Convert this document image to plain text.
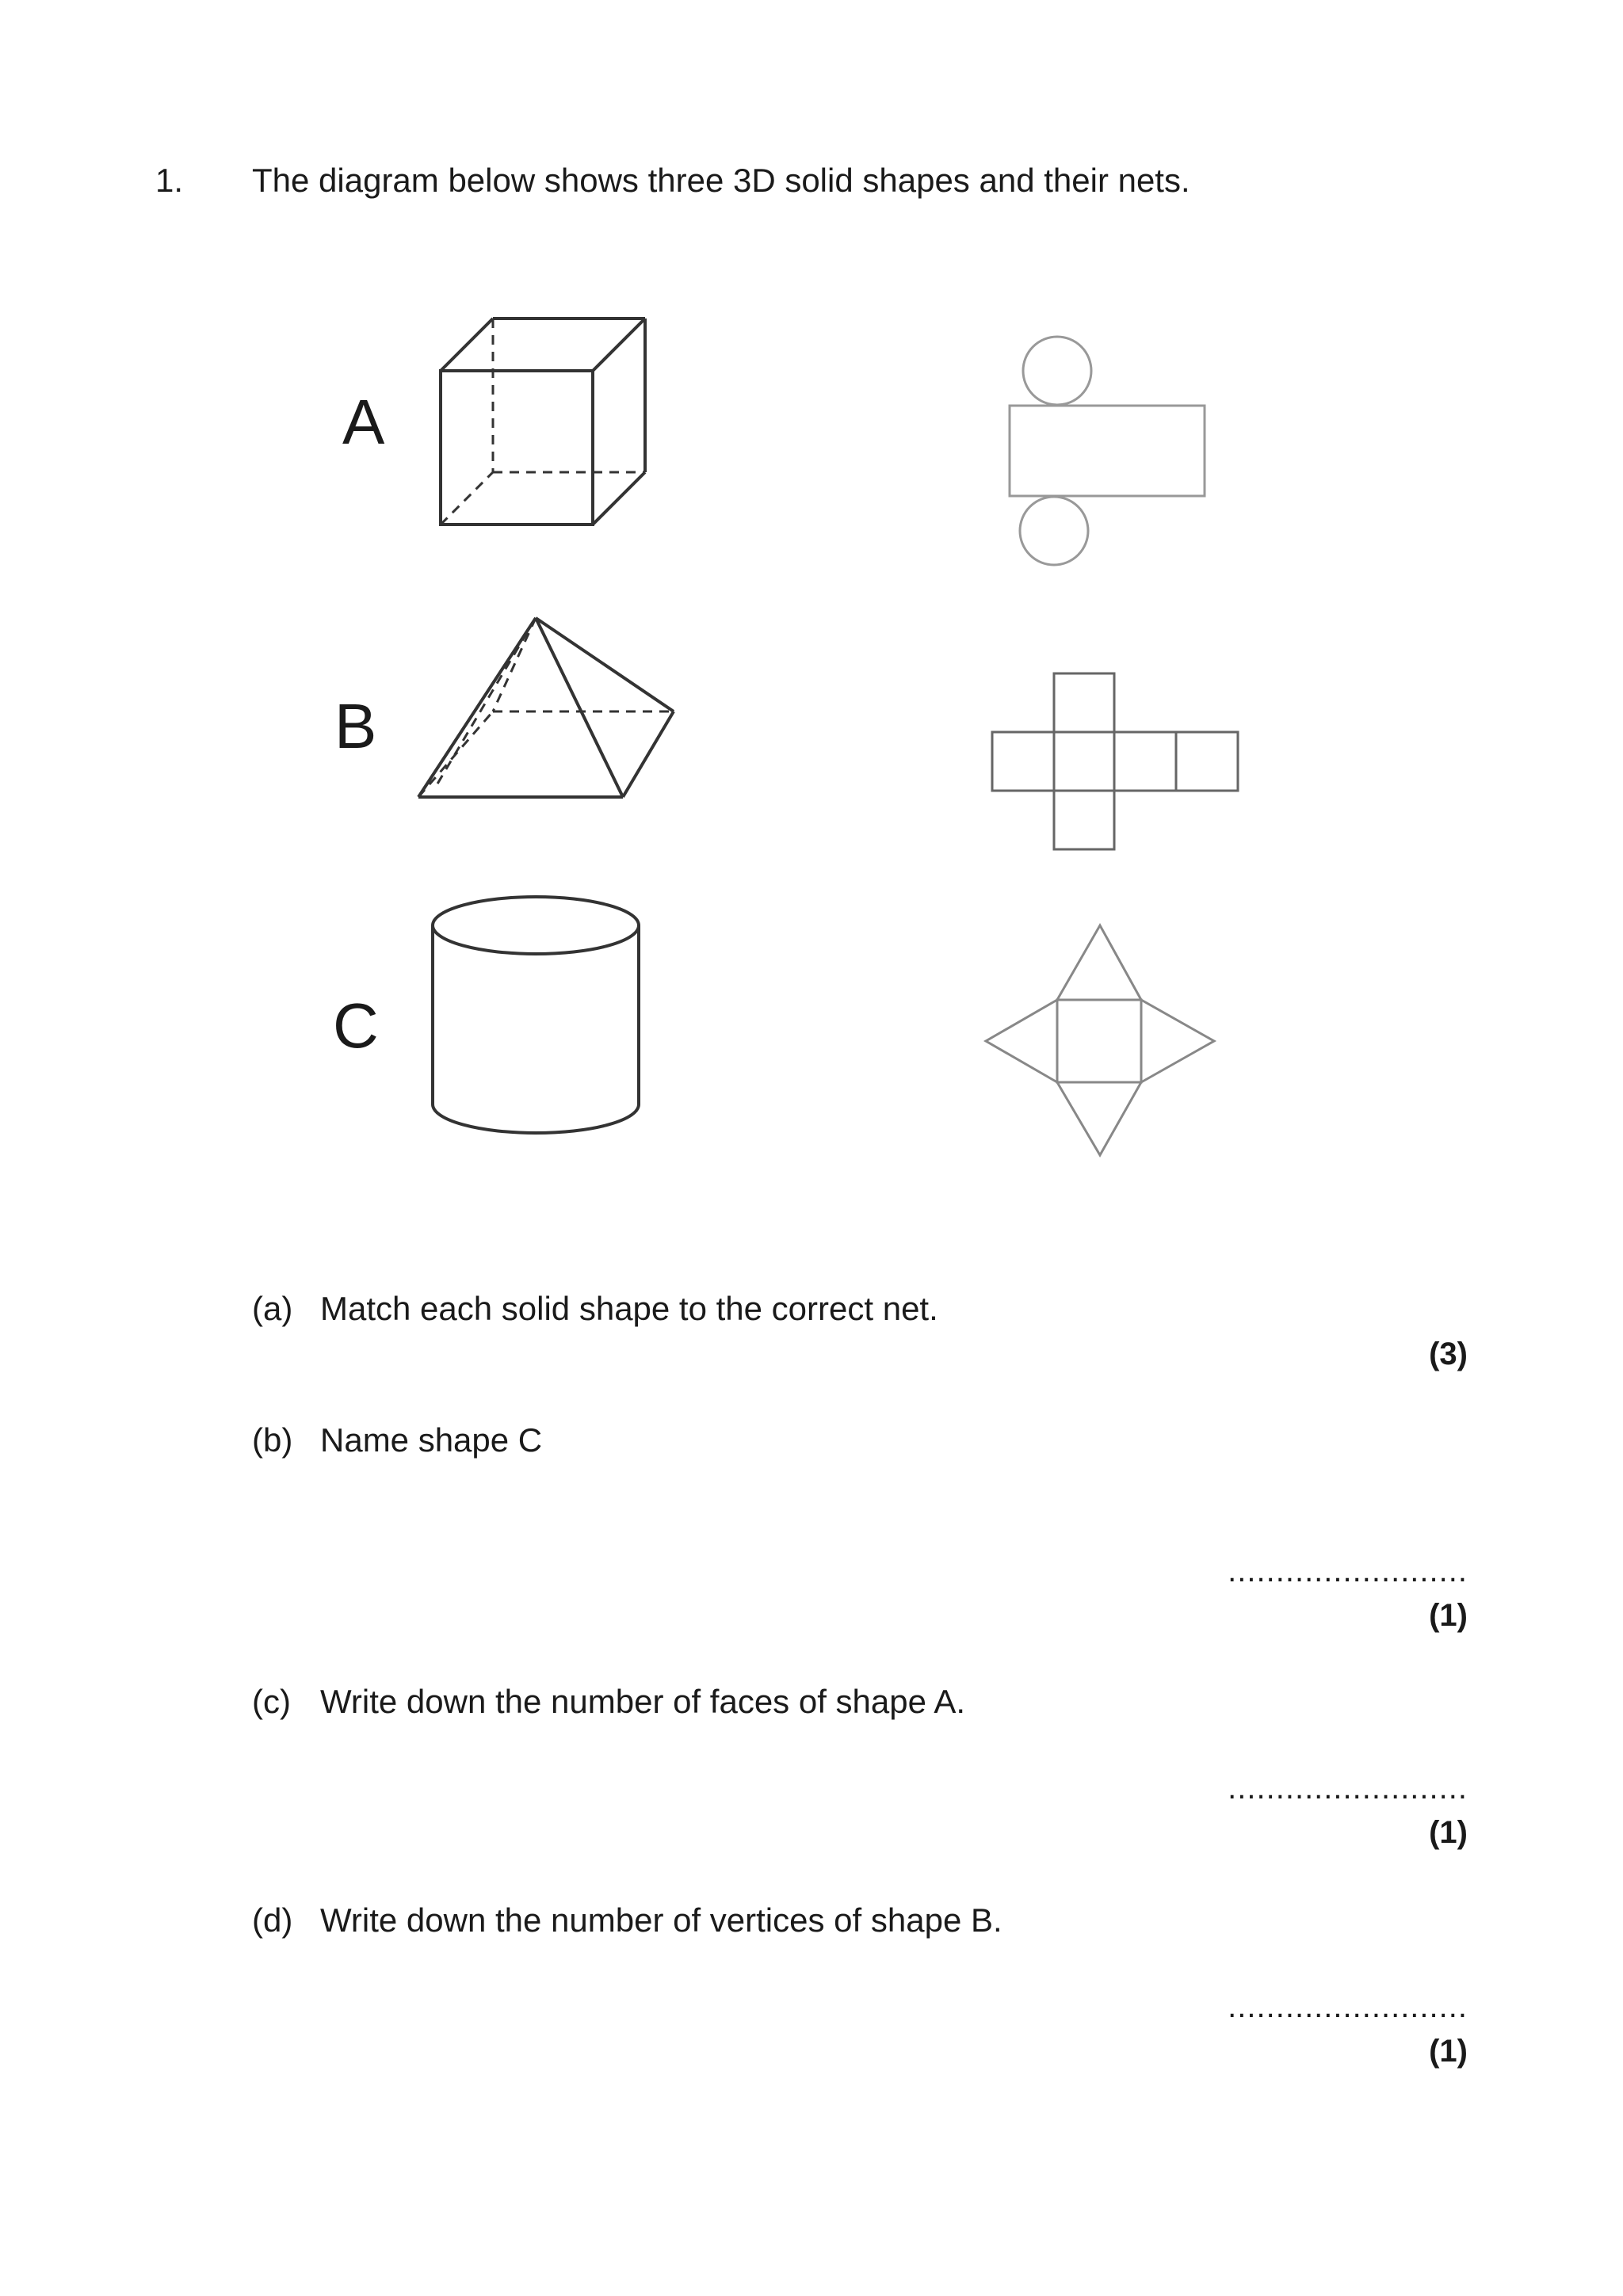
1. The diagram below shows three 3D solid shapes and their nets.
A
B
C
(a) Match each solid shape to the correct net.
(3)
(b) Name shape C
.........................
(1)
(c) Write down the number of faces of shape A.
.........................
(1)
(d) Write down the number of vertices of shape B.
.........................
(1)
